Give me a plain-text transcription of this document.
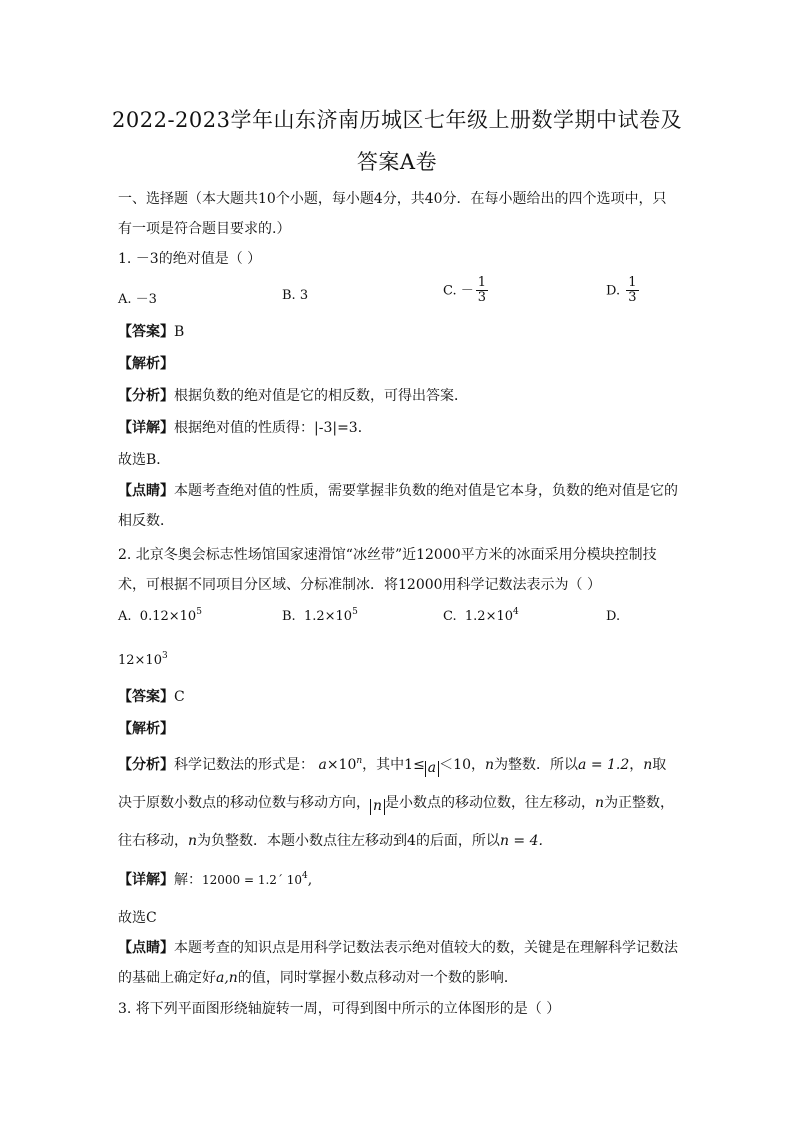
2022-2023学年山东济南历城区七年级上册数学期中试卷及
答案A卷
一、选择题（本大题共10个小题，每小题4分，共40分．在每小题给出的四个选项中，只
有一项是符合题目要求的.）
1. －3的绝对值是（ ）
A. －3	B. 3	C. － $\frac{1}{3}$	D. $\frac{1}{3}$
【答案】B
【解析】
【分析】根据负数的绝对值是它的相反数，可得出答案．
【详解】根据绝对值的性质得：|-3|=3．
故选B．
【点睛】本题考查绝对值的性质，需要掌握非负数的绝对值是它本身，负数的绝对值是它的
相反数．
2. 北京冬奥会标志性场馆国家速滑馆“冰丝带”近12000平方米的冰面采用分模块控制技
术，可根据不同项目分区域、分标准制冰．将12000用科学记数法表示为（ ）
A. $0.12\times 10^5$	B. $1.2\times 10^5$	C. $1.2\times 10^4$	D.
$12\times 10^3$
【答案】C
【解析】
【分析】科学记数法的形式是： $a\times 10^n$，其中1≤ a ＜10，n为整数．所以a = 1.2，n取
决于原数小数点的移动位数与移动方向， n 是小数点的移动位数，往左移动，n为正整数，
往右移动，n为负整数．本题小数点往左移动到4的后面，所以n = 4.
【详解】解：12000 = 1.2´ $10^4$,
故选C
【点睛】本题考查的知识点是用科学记数法表示绝对值较大的数，关键是在理解科学记数法
的基础上确定好a,n的值，同时掌握小数点移动对一个数的影响．
3. 将下列平面图形绕轴旋转一周，可得到图中所示的立体图形的是（ ）
